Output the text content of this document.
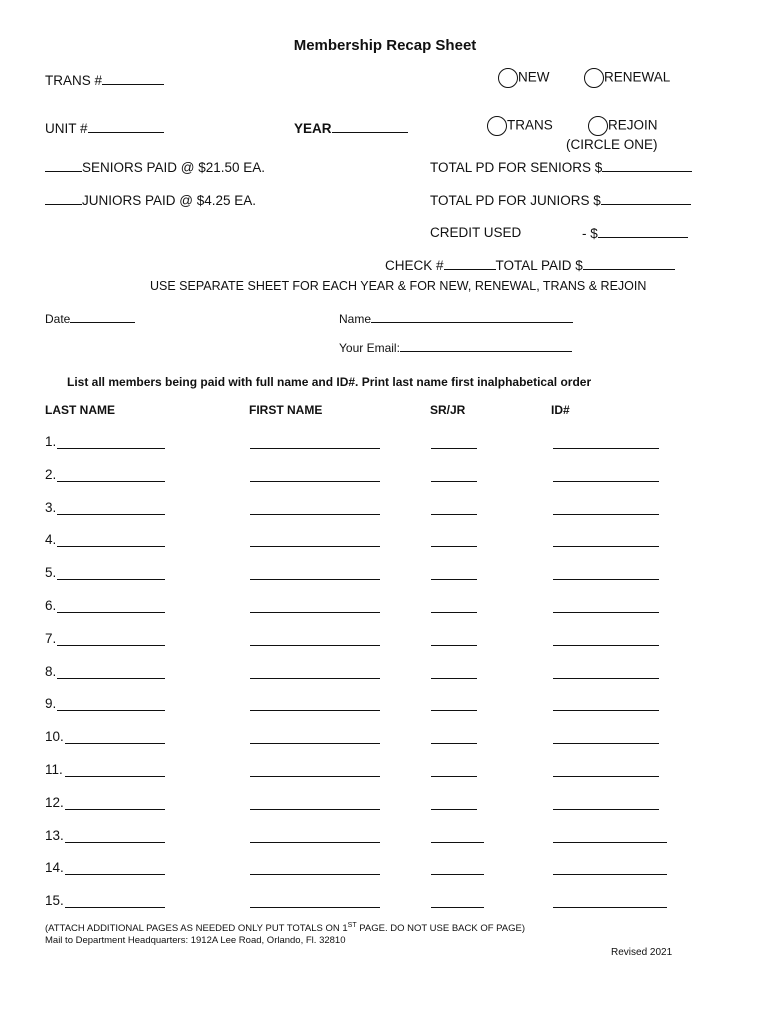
Membership Recap Sheet
TRANS #	NEW	RENEWAL
UNIT #	YEAR	TRANS	REJOIN
(CIRCLE ONE)
SENIORS PAID @ $21.50 EA.	TOTAL PD FOR SENIORS $
JUNIORS PAID @ $4.25 EA.	TOTAL PD FOR JUNIORS $
CREDIT USED	- $
CHECK #	TOTAL PAID $
USE SEPARATE SHEET FOR EACH YEAR & FOR NEW, RENEWAL, TRANS & REJOIN
Date	Name
Your Email:
List all members being paid with full name and ID#. Print last name first inalphabetical order
LAST NAME	FIRST NAME	SR/JR	ID#
1.
2.
3.
4.
5.
6.
7.
8.
9.
10.
11.
12.
13.
14.
15.
(ATTACH ADDITIONAL PAGES AS NEEDED ONLY PUT TOTALS ON 1ST PAGE. DO NOT USE BACK OF PAGE)
Mail to Department Headquarters: 1912A Lee Road, Orlando, Fl. 32810
Revised 2021
